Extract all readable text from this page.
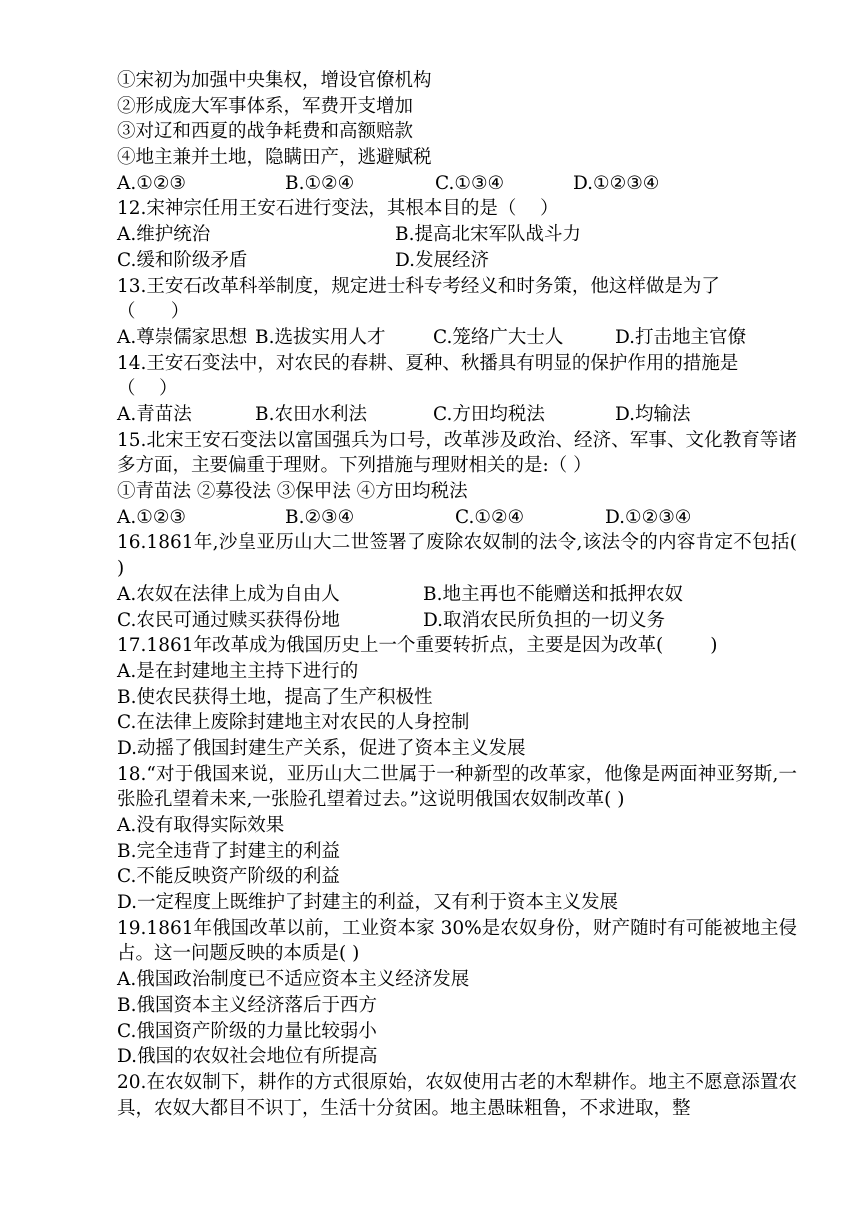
①宋初为加强中央集权，增设官僚机构
②形成庞大军事体系，军费开支增加
③对辽和西夏的战争耗费和高额赔款
④地主兼并土地，隐瞒田产，逃避赋税
A.①②③	B.①②④	C.①③④	D.①②③④
12.宋神宗任用王安石进行变法，其根本目的是（    ）
A.维护统治	B.提高北宋军队战斗力
C.缓和阶级矛盾	D.发展经济
13.王安石改革科举制度，规定进士科专考经义和时务策，他这样做是为了
（      ）
A.尊崇儒家思想 B.选拔实用人才	C.笼络广大士人	D.打击地主官僚
14.王安石变法中，对农民的春耕、夏种、秋播具有明显的保护作用的措施是
（    ）
A.青苗法	B.农田水利法	C.方田均税法	D.均输法
15.北宋王安石变法以富国强兵为口号，改革涉及政治、经济、军事、文化教育等诸多方面，主要偏重于理财。下列措施与理财相关的是:（ ）
①青苗法 ②募役法 ③保甲法 ④方田均税法
A.①②③	B.②③④	C.①②④	D.①②③④
16.1861年,沙皇亚历山大二世签署了废除农奴制的法令,该法令的内容肯定不包括( )
A.农奴在法律上成为自由人	B.地主再也不能赠送和抵押农奴
C.农民可通过赎买获得份地	D.取消农民所负担的一切义务
17.1861年改革成为俄国历史上一个重要转折点，主要是因为改革(        )
A.是在封建地主主持下进行的
B.使农民获得土地，提高了生产积极性
C.在法律上废除封建地主对农民的人身控制
D.动摇了俄国封建生产关系，促进了资本主义发展
18.“对于俄国来说，亚历山大二世属于一种新型的改革家，他像是两面神亚努斯,一张脸孔望着未来,一张脸孔望着过去。”这说明俄国农奴制改革( )
A.没有取得实际效果
B.完全违背了封建主的利益
C.不能反映资产阶级的利益
D.一定程度上既维护了封建主的利益，又有利于资本主义发展
19.1861年俄国改革以前，工业资本家 30%是农奴身份，财产随时有可能被地主侵占。这一问题反映的本质是( )
A.俄国政治制度已不适应资本主义经济发展
B.俄国资本主义经济落后于西方
C.俄国资产阶级的力量比较弱小
D.俄国的农奴社会地位有所提高
20.在农奴制下，耕作的方式很原始，农奴使用古老的木犁耕作。地主不愿意添置农具，农奴大都目不识丁，生活十分贫困。地主愚昧粗鲁，不求进取，整
